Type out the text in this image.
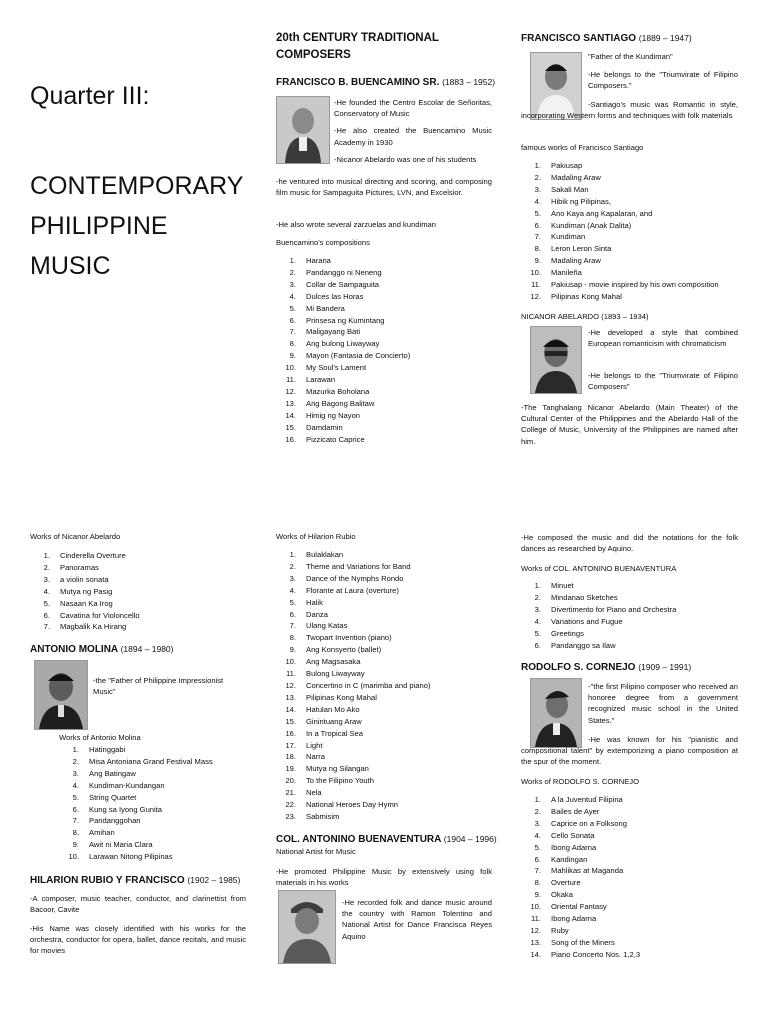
Quarter III:
CONTEMPORARY
PHILIPPINE
MUSIC
20th CENTURY TRADITIONAL
COMPOSERS
FRANCISCO B. BUENCAMINO SR. (1883 – 1952)
-He founded the Centro Escolar de Señoritas, Conservatory of Music
-He also created the Buencamino Music Academy in 1930
-Nicanor Abelardo was one of his students
-he ventured into musical directing and scoring, and composing film music for Sampaguita Pictures, LVN, and Excelsior.
-He also wrote several zarzuelas and kundiman
Buencamino's compositions
1. Harana
2. Pandanggo ni Neneng
3. Collar de Sampaguita
4. Dulces las Horas
5. Mi Bandera
6. Prinsesa ng Kumintang
7. Maligayang Bati
8. Ang bulong Liwayway
9. Mayon (Fantasia de Concierto)
10. My Soul's Lament
11. Larawan
12. Mazurka Boholana
13. Ang Bagong Balitaw
14. Himig ng Nayon
15. Damdamin
16. Pizzicato Caprice
FRANCISCO SANTIAGO (1889 – 1947)
"Father of the Kundiman"
-He belongs to the "Triumvirate of Filipino Composers."
-Santiago's music was Romantic in style, incorporating Western forms and techniques with folk materials
famous works of Francisco Santiago
1. Pakiusap
2. Madaling Araw
3. Sakali Man
4. Hibik ng Pilipinas,
5. Ano Kaya ang Kapalaran, and
6. Kundiman (Anak Dalita)
7. Kundiman
8. Leron Leron Sinta
9. Madaling Araw
10. Manileña
11. Pakiusap - movie inspired by his own composition
12. Pilipinas Kong Mahal
NICANOR ABELARDO (1893 – 1934)
-He developed a style that combined European romanticism with chromaticism
-He belongs to the "Triumvirate of Filipino Composers"
-The Tanghalang Nicanor Abelardo (Main Theater) of the Cultural Center of the Philippines and the Abelardo Hall of the College of Music, University of the Philippines are named after him.
Works of Nicanor Abelardo
1. Cinderella Overture
2. Panoramas
3. a violin sonata
4. Mutya ng Pasig
5. Nasaan Ka Irog
6. Cavatina for Violoncello
7. Magbalik Ka Hirang
ANTONIO MOLINA (1894 – 1980)
-the "Father of Philippine Impressionist Music"
Works of Antonio Molina
1. Hatinggabi
2. Misa Antoniana Grand Festival Mass
3. Ang Batingaw
4. Kundiman-Kundangan
5. String Quartet
6. Kung sa Iyong Gunita
7. Pandanggohan
8. Amihan
9. Awit ni Maria Clara
10. Larawan Nitong Pilipinas
HILARION RUBIO Y FRANCISCO (1902 – 1985)
-A composer, music teacher, conductor, and clarinettist from Bacoor, Cavite
-His Name was closely identified with his works for the orchestra, conductor for opera, ballet, dance recitals, and music for movies
Works of Hilarion Rubio
1. Bulaklakan
2. Theme and Variations for Band
3. Dance of the Nymphs Rondo
4. Florante at Laura (overture)
5. Halik
6. Danza
7. Ulang Katas
8. Twopart Invention (piano)
9. Ang Konsyerto (ballet)
10. Ang Magsasaka
11. Bulong Liwayway
12. Concertino in C (marimba and piano)
13. Pilipinas Kong Mahal
14. Hatulan Mo Ako
15. Ginintuang Araw
16. In a Tropical Sea
17. Light
18. Narra
19. Mutya ng Silangan
20. To the Filipino Youth
21. Nela
22. National Heroes Day Hymn
23. Sabmisim
COL. ANTONINO BUENAVENTURA (1904 – 1996)
National Artist for Music
-He promoted Philippine Music by extensively using folk materials in his works
-He recorded folk and dance music around the country with Ramon Tolentino and National Artist for Dance Francisca Reyes Aquino
-He composed the music and did the notations for the folk dances as researched by Aquino.
Works of COL. ANTONINO BUENAVENTURA
1. Minuet
2. Mindanao Sketches
3. Divertimento for Piano and Orchestra
4. Variations and Fugue
5. Greetings
6. Pandanggo sa Ilaw
RODOLFO S. CORNEJO (1909 – 1991)
-"the first Filipino composer who received an honoree degree from a government recognized music school in the United States."
-He was known for his "pianistic and compositional talent" by extemporizing a piano composition at the spur of the moment.
Works of RODOLFO S. CORNEJO
1. A la Juventud Filipina
2. Bailes de Ayer
3. Caprice on a Folksong
4. Cello Sonata
5. Ibong Adarna
6. Kandingan
7. Mahlikas at Maganda
8. Overture
9. Okaka
10. Oriental Fantasy
11. Ibong Adarna
12. Ruby
13. Song of the Miners
14. Piano Concerto Nos. 1,2,3
